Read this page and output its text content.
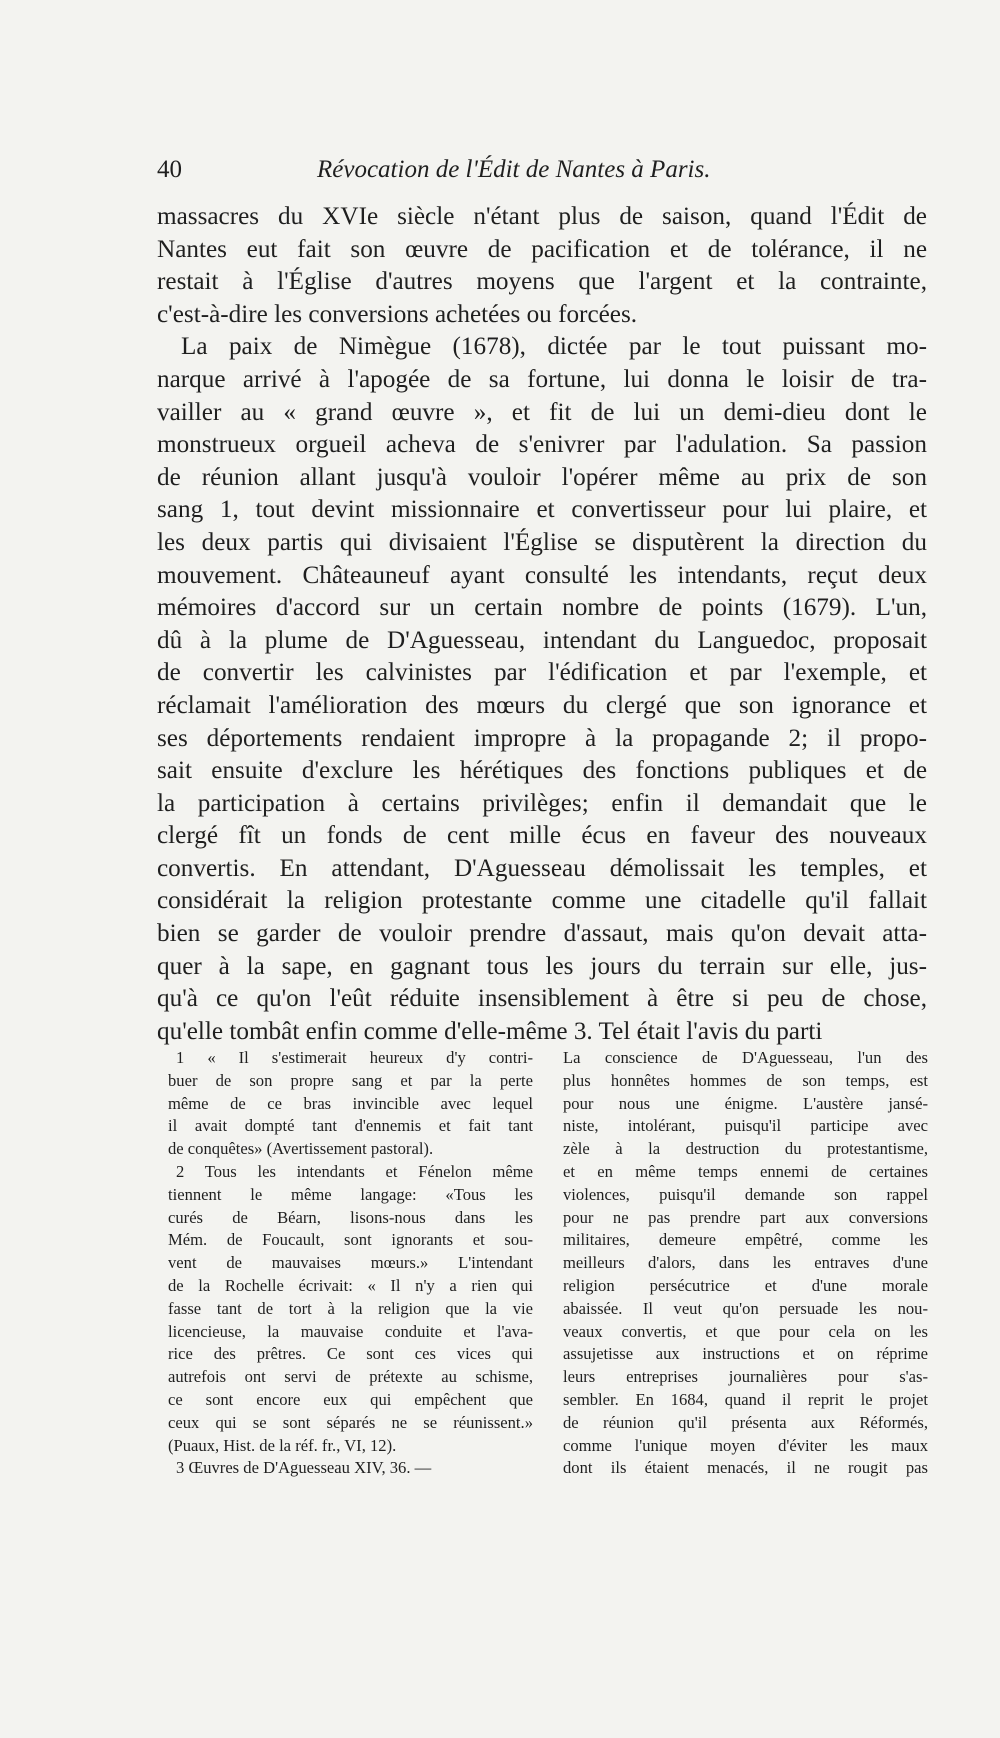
40	Révocation de l'Édit de Nantes à Paris.
massacres du XVIe siècle n'étant plus de saison, quand l'Édit de
Nantes eut fait son œuvre de pacification et de tolérance, il ne
restait à l'Église d'autres moyens que l'argent et la contrainte,
c'est-à-dire les conversions achetées ou forcées.
La paix de Nimègue (1678), dictée par le tout puissant mo-
narque arrivé à l'apogée de sa fortune, lui donna le loisir de tra-
vailler au « grand œuvre », et fit de lui un demi-dieu dont le
monstrueux orgueil acheva de s'enivrer par l'adulation. Sa passion
de réunion allant jusqu'à vouloir l'opérer même au prix de son
sang 1, tout devint missionnaire et convertisseur pour lui plaire, et
les deux partis qui divisaient l'Église se disputèrent la direction du
mouvement. Châteauneuf ayant consulté les intendants, reçut deux
mémoires d'accord sur un certain nombre de points (1679). L'un,
dû à la plume de D'Aguesseau, intendant du Languedoc, proposait
de convertir les calvinistes par l'édification et par l'exemple, et
réclamait l'amélioration des mœurs du clergé que son ignorance et
ses déportements rendaient impropre à la propagande 2; il propo-
sait ensuite d'exclure les hérétiques des fonctions publiques et de
la participation à certains privilèges; enfin il demandait que le
clergé fît un fonds de cent mille écus en faveur des nouveaux
convertis. En attendant, D'Aguesseau démolissait les temples, et
considérait la religion protestante comme une citadelle qu'il fallait
bien se garder de vouloir prendre d'assaut, mais qu'on devait atta-
quer à la sape, en gagnant tous les jours du terrain sur elle, jus-
qu'à ce qu'on l'eût réduite insensiblement à être si peu de chose,
qu'elle tombât enfin comme d'elle-même 3. Tel était l'avis du parti
1 « Il s'estimerait heureux d'y contri-
buer de son propre sang et par la perte
même de ce bras invincible avec lequel
il avait dompté tant d'ennemis et fait tant
de conquêtes» (Avertissement pastoral).
2 Tous les intendants et Fénelon même
tiennent le même langage: «Tous les
curés de Béarn, lisons-nous dans les
Mém. de Foucault, sont ignorants et sou-
vent de mauvaises mœurs.» L'intendant
de la Rochelle écrivait: « Il n'y a rien qui
fasse tant de tort à la religion que la vie
licencieuse, la mauvaise conduite et l'ava-
rice des prêtres. Ce sont ces vices qui
autrefois ont servi de prétexte au schisme,
ce sont encore eux qui empêchent que
ceux qui se sont séparés ne se réunissent.»
(Puaux, Hist. de la réf. fr., VI, 12).
3 Œuvres de D'Aguesseau XIV, 36. —
La conscience de D'Aguesseau, l'un des
plus honnêtes hommes de son temps, est
pour nous une énigme. L'austère jansé-
niste, intolérant, puisqu'il participe avec
zèle à la destruction du protestantisme,
et en même temps ennemi de certaines
violences, puisqu'il demande son rappel
pour ne pas prendre part aux conversions
militaires, demeure empêtré, comme les
meilleurs d'alors, dans les entraves d'une
religion persécutrice et d'une morale
abaissée. Il veut qu'on persuade les nou-
veaux convertis, et que pour cela on les
assujetisse aux instructions et on réprime
leurs entreprises journalières pour s'as-
sembler. En 1684, quand il reprit le projet
de réunion qu'il présenta aux Réformés,
comme l'unique moyen d'éviter les maux
dont ils étaient menacés, il ne rougit pas
